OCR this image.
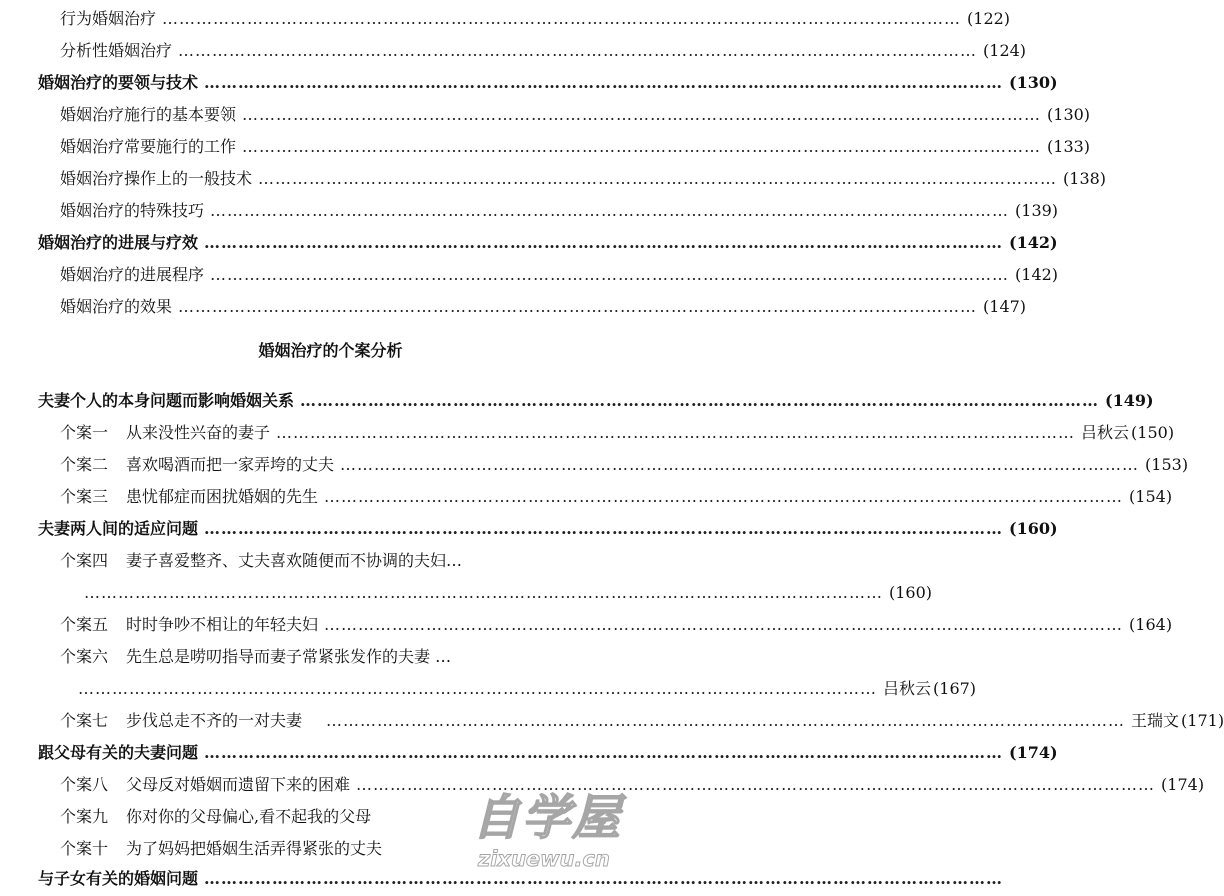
行为婚姻治疗 …………………………………………………………………………………………………………………………… (122)
分析性婚姻治疗 …………………………………………………………………………………………………………………………… (124)
婚姻治疗的要领与技术 …………………………………………………………………………………………………………………………… (130)
婚姻治疗施行的基本要领 …………………………………………………………………………………………………………………………… (130)
婚姻治疗常要施行的工作 …………………………………………………………………………………………………………………………… (133)
婚姻治疗操作上的一般技术 …………………………………………………………………………………………………………………………… (138)
婚姻治疗的特殊技巧 …………………………………………………………………………………………………………………………… (139)
婚姻治疗的进展与疗效 …………………………………………………………………………………………………………………………… (142)
婚姻治疗的进展程序 …………………………………………………………………………………………………………………………… (142)
婚姻治疗的效果 …………………………………………………………………………………………………………………………… (147)
婚姻治疗的个案分析
夫妻个人的本身问题而影响婚姻关系 …………………………………………………………………………………………………………………………… (149)
个案一 从来没性兴奋的妻子 …………………………………………………………………………………………………………………………… 吕秋云 (150)
个案二 喜欢喝酒而把一家弄垮的丈夫 …………………………………………………………………………………………………………………………… (153)
个案三 患忧郁症而困扰婚姻的先生 …………………………………………………………………………………………………………………………… (154)
夫妻两人间的适应问题 …………………………………………………………………………………………………………………………… (160)
个案四 妻子喜爱整齐、丈夫喜欢随便而不协调的夫妇…
…………………………………………………………………………………………………………………………… (160)
个案五 时时争吵不相让的年轻夫妇 …………………………………………………………………………………………………………………………… (164)
个案六 先生总是唠叨指导而妻子常紧张发作的夫妻 …
…………………………………………………………………………………………………………………………… 吕秋云 (167)
个案七 步伐总走不齐的一对夫妻 …………………………………………………………………………………………………………………………… 王瑞文 (171)
跟父母有关的夫妻问题 …………………………………………………………………………………………………………………………… (174)
个案八 父母反对婚姻而遗留下来的困难 …………………………………………………………………………………………………………………………… (174)
个案九 你对你的父母偏心,看不起我的父母
个案十 为了妈妈把婚姻生活弄得紧张的丈夫
与子女有关的婚姻问题 ……………………………………………………………………………………………………………………………
自学屋
zixuewu.cn
